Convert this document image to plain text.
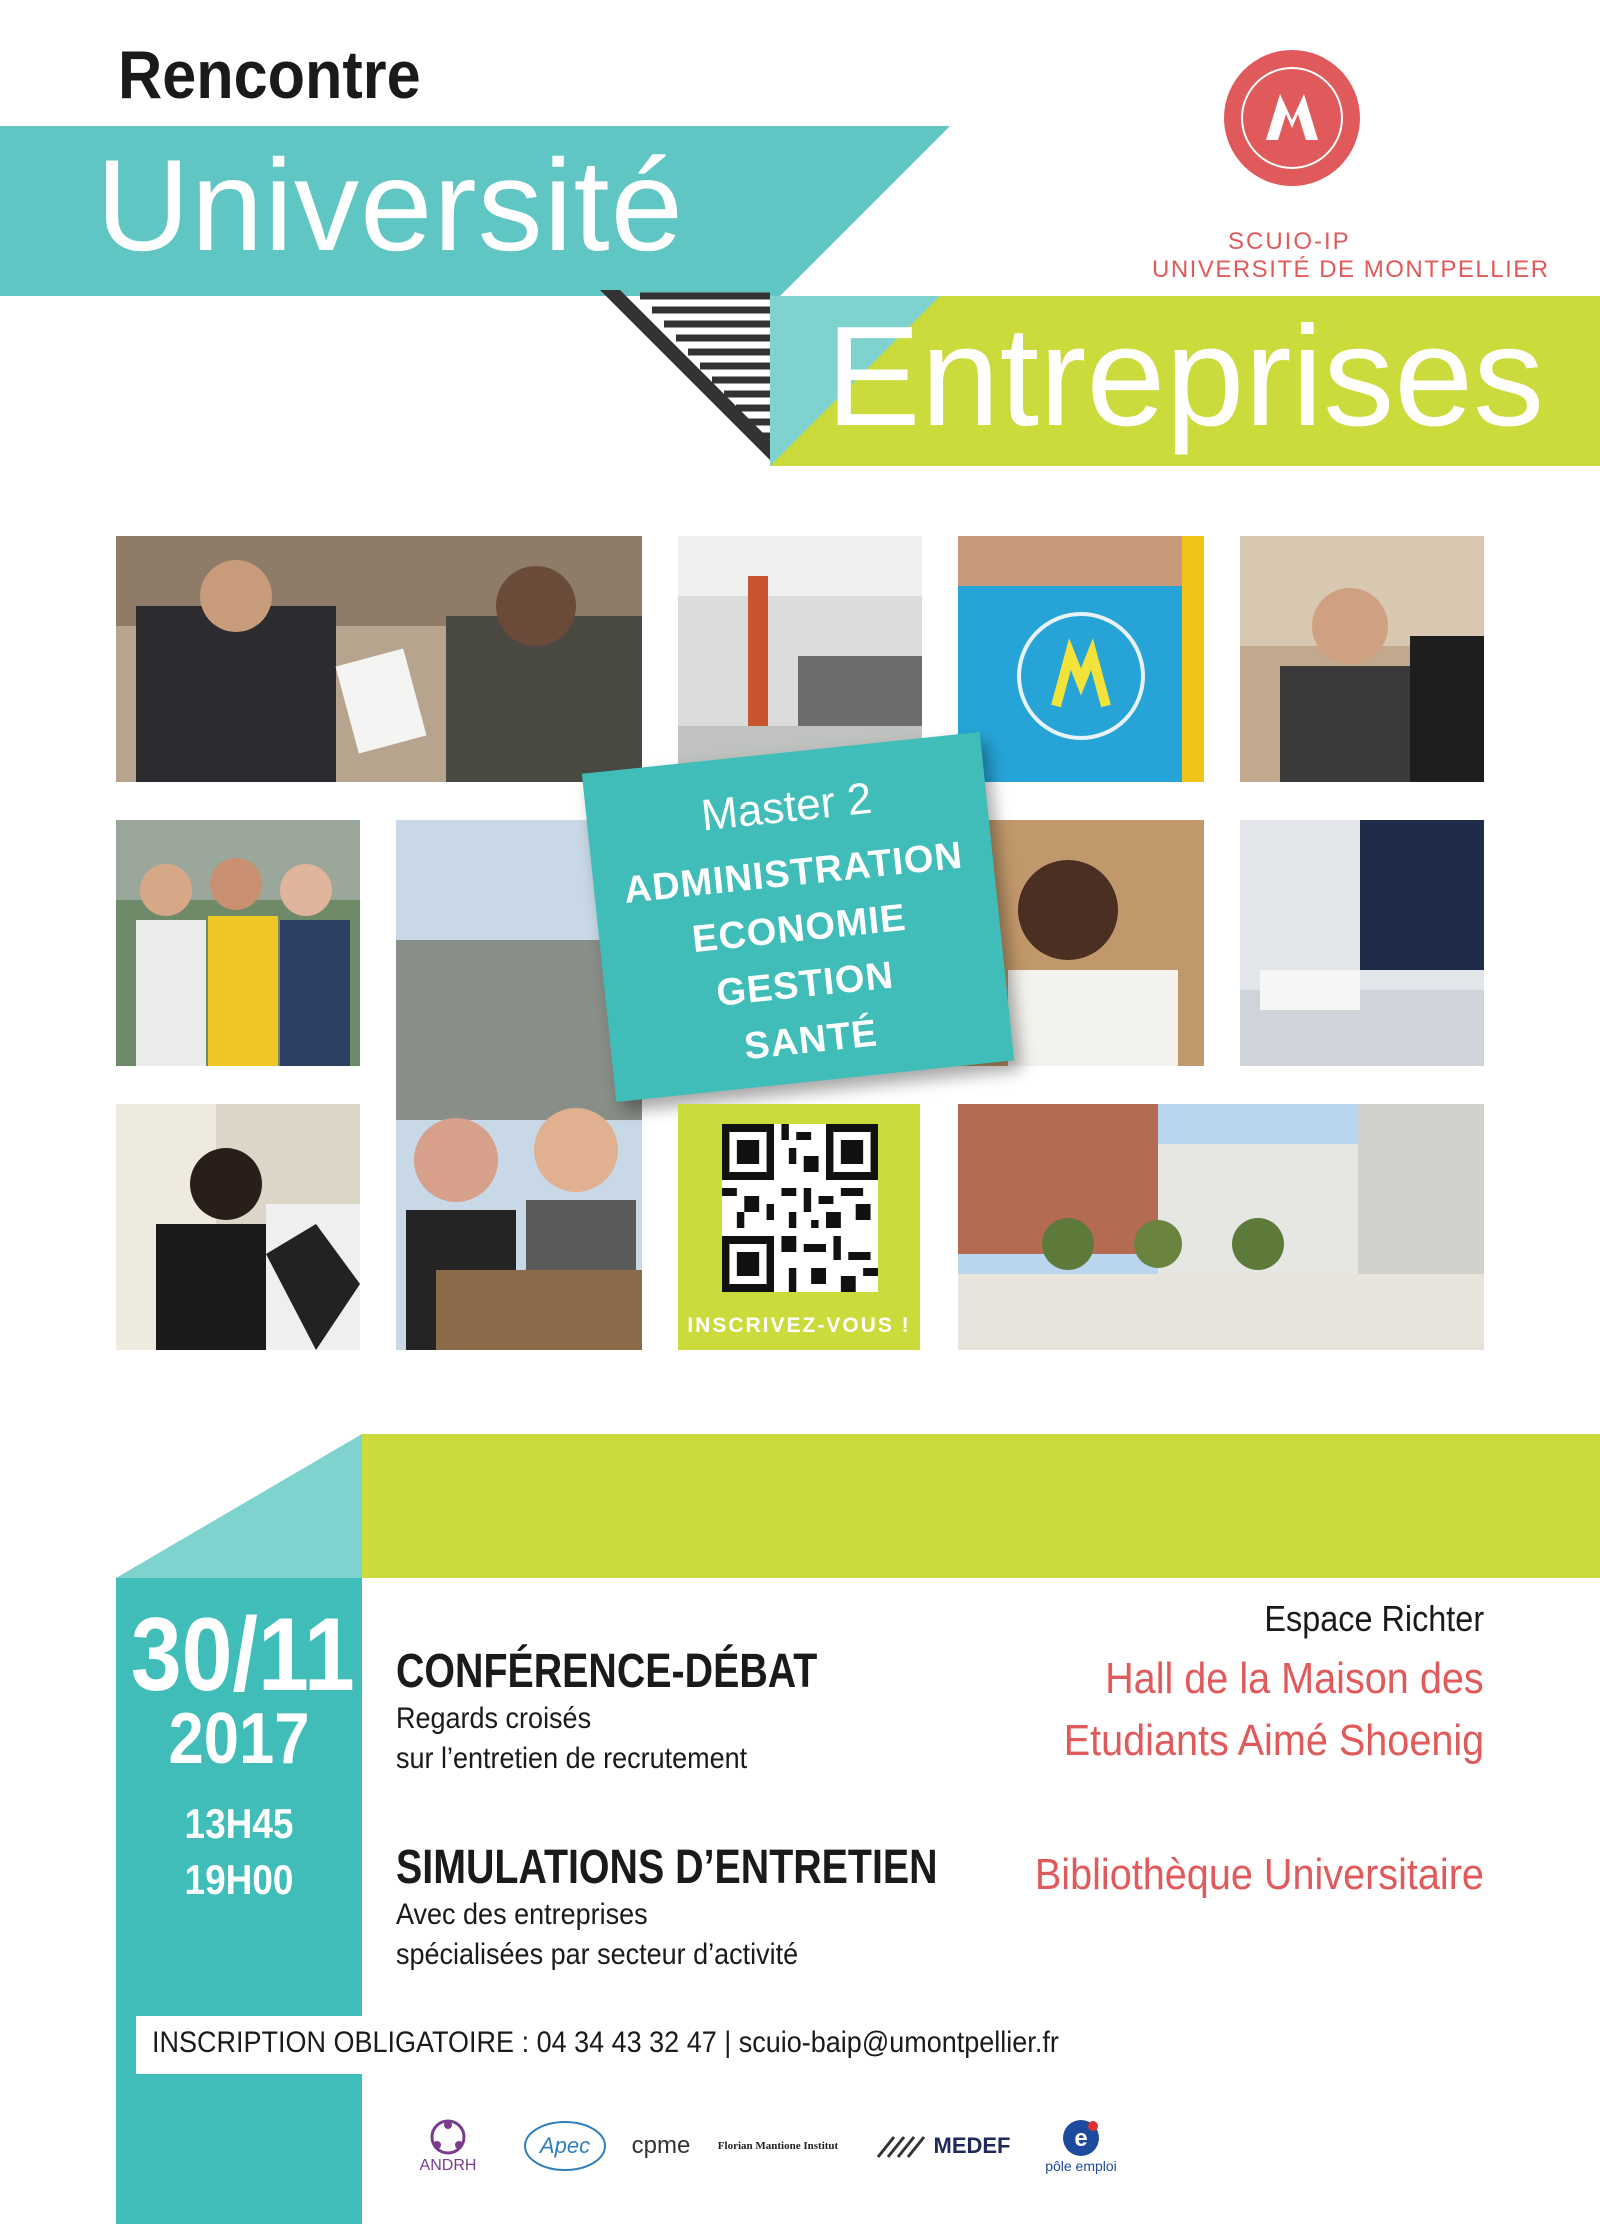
Rencontre
Université
Entreprises
SCUIO-IP
UNIVERSITÉ DE MONTPELLIER
Master 2
ADMINISTRATION
ECONOMIE
GESTION
SANTÉ
INSCRIVEZ-VOUS !
30/11
2017
13H45
19H00
CONFÉRENCE-DÉBAT
Regards croisés
sur l’entretien de recrutement
SIMULATIONS D’ENTRETIEN
Avec des entreprises
spécialisées par secteur d’activité
Espace Richter
Hall de la Maison des
Etudiants Aimé Shoenig
Bibliothèque Universitaire
INSCRIPTION OBLIGATOIRE : 04 34 43 32 47 | scuio-baip@umontpellier.fr
ANDRH
Apec cpme Florian Mantione Institut	MEDEF	e
pôle emploi
